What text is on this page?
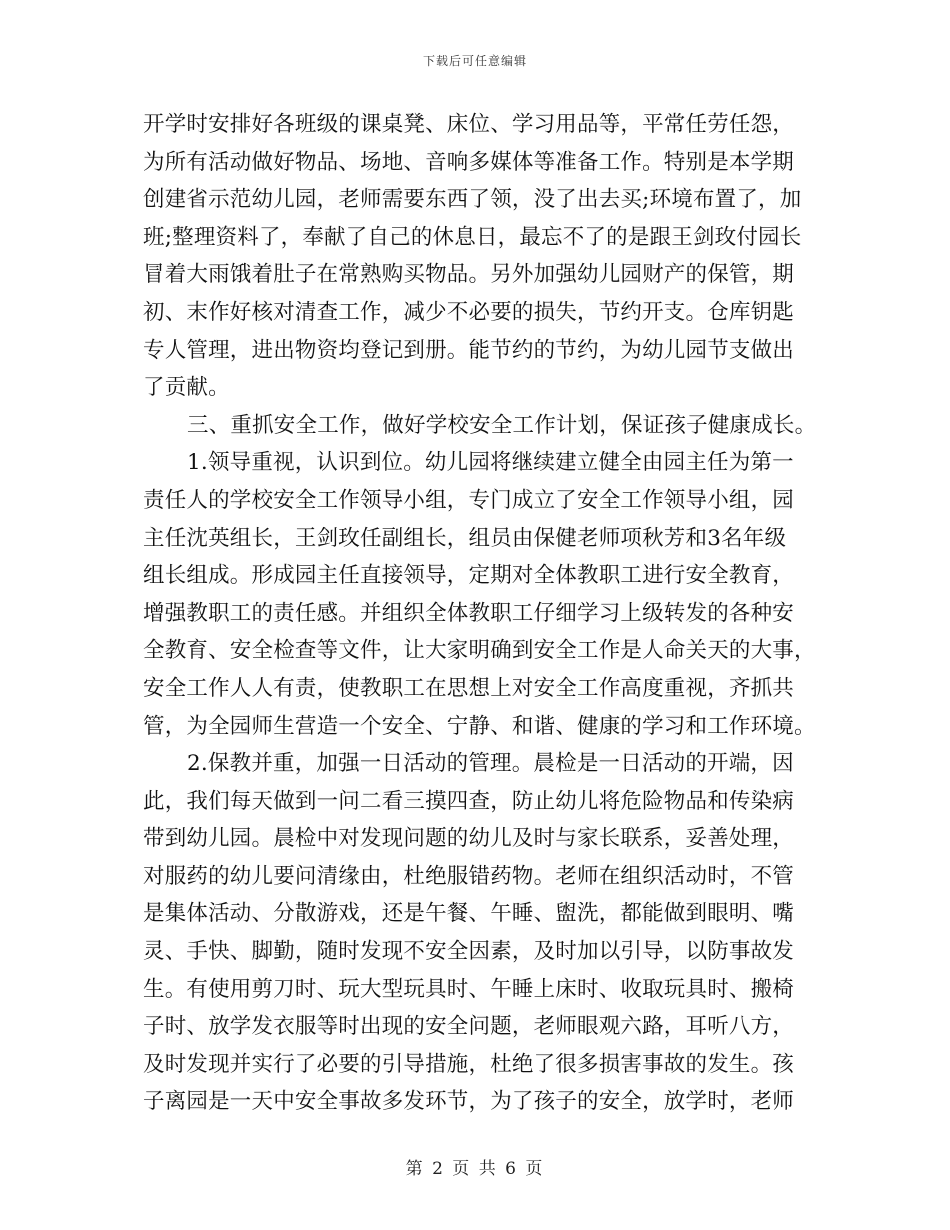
下载后可任意编辑
开学时安排好各班级的课桌凳、床位、学习用品等，平常任劳任怨，
为所有活动做好物品、场地、音响多媒体等准备工作。特别是本学期
创建省示范幼儿园，老师需要东西了领，没了出去买;环境布置了，加
班;整理资料了，奉献了自己的休息日，最忘不了的是跟王剑玫付园长
冒着大雨饿着肚子在常熟购买物品。另外加强幼儿园财产的保管，期
初、末作好核对清查工作，减少不必要的损失，节约开支。仓库钥匙
专人管理，进出物资均登记到册。能节约的节约，为幼儿园节支做出
了贡献。
三、重抓安全工作，做好学校安全工作计划，保证孩子健康成长。
1.领导重视，认识到位。幼儿园将继续建立健全由园主任为第一
责任人的学校安全工作领导小组，专门成立了安全工作领导小组，园
主任沈英组长，王剑玫任副组长，组员由保健老师项秋芳和3名年级
组长组成。形成园主任直接领导，定期对全体教职工进行安全教育，
增强教职工的责任感。并组织全体教职工仔细学习上级转发的各种安
全教育、安全检查等文件，让大家明确到安全工作是人命关天的大事，
安全工作人人有责，使教职工在思想上对安全工作高度重视，齐抓共
管，为全园师生营造一个安全、宁静、和谐、健康的学习和工作环境。
2.保教并重，加强一日活动的管理。晨检是一日活动的开端，因
此，我们每天做到一问二看三摸四查，防止幼儿将危险物品和传染病
带到幼儿园。晨检中对发现问题的幼儿及时与家长联系，妥善处理，
对服药的幼儿要问清缘由，杜绝服错药物。老师在组织活动时，不管
是集体活动、分散游戏，还是午餐、午睡、盥洗，都能做到眼明、嘴
灵、手快、脚勤，随时发现不安全因素，及时加以引导，以防事故发
生。有使用剪刀时、玩大型玩具时、午睡上床时、收取玩具时、搬椅
子时、放学发衣服等时出现的安全问题，老师眼观六路，耳听八方，
及时发现并实行了必要的引导措施，杜绝了很多损害事故的发生。孩
子离园是一天中安全事故多发环节，为了孩子的安全，放学时，老师
第 2 页 共 6 页
